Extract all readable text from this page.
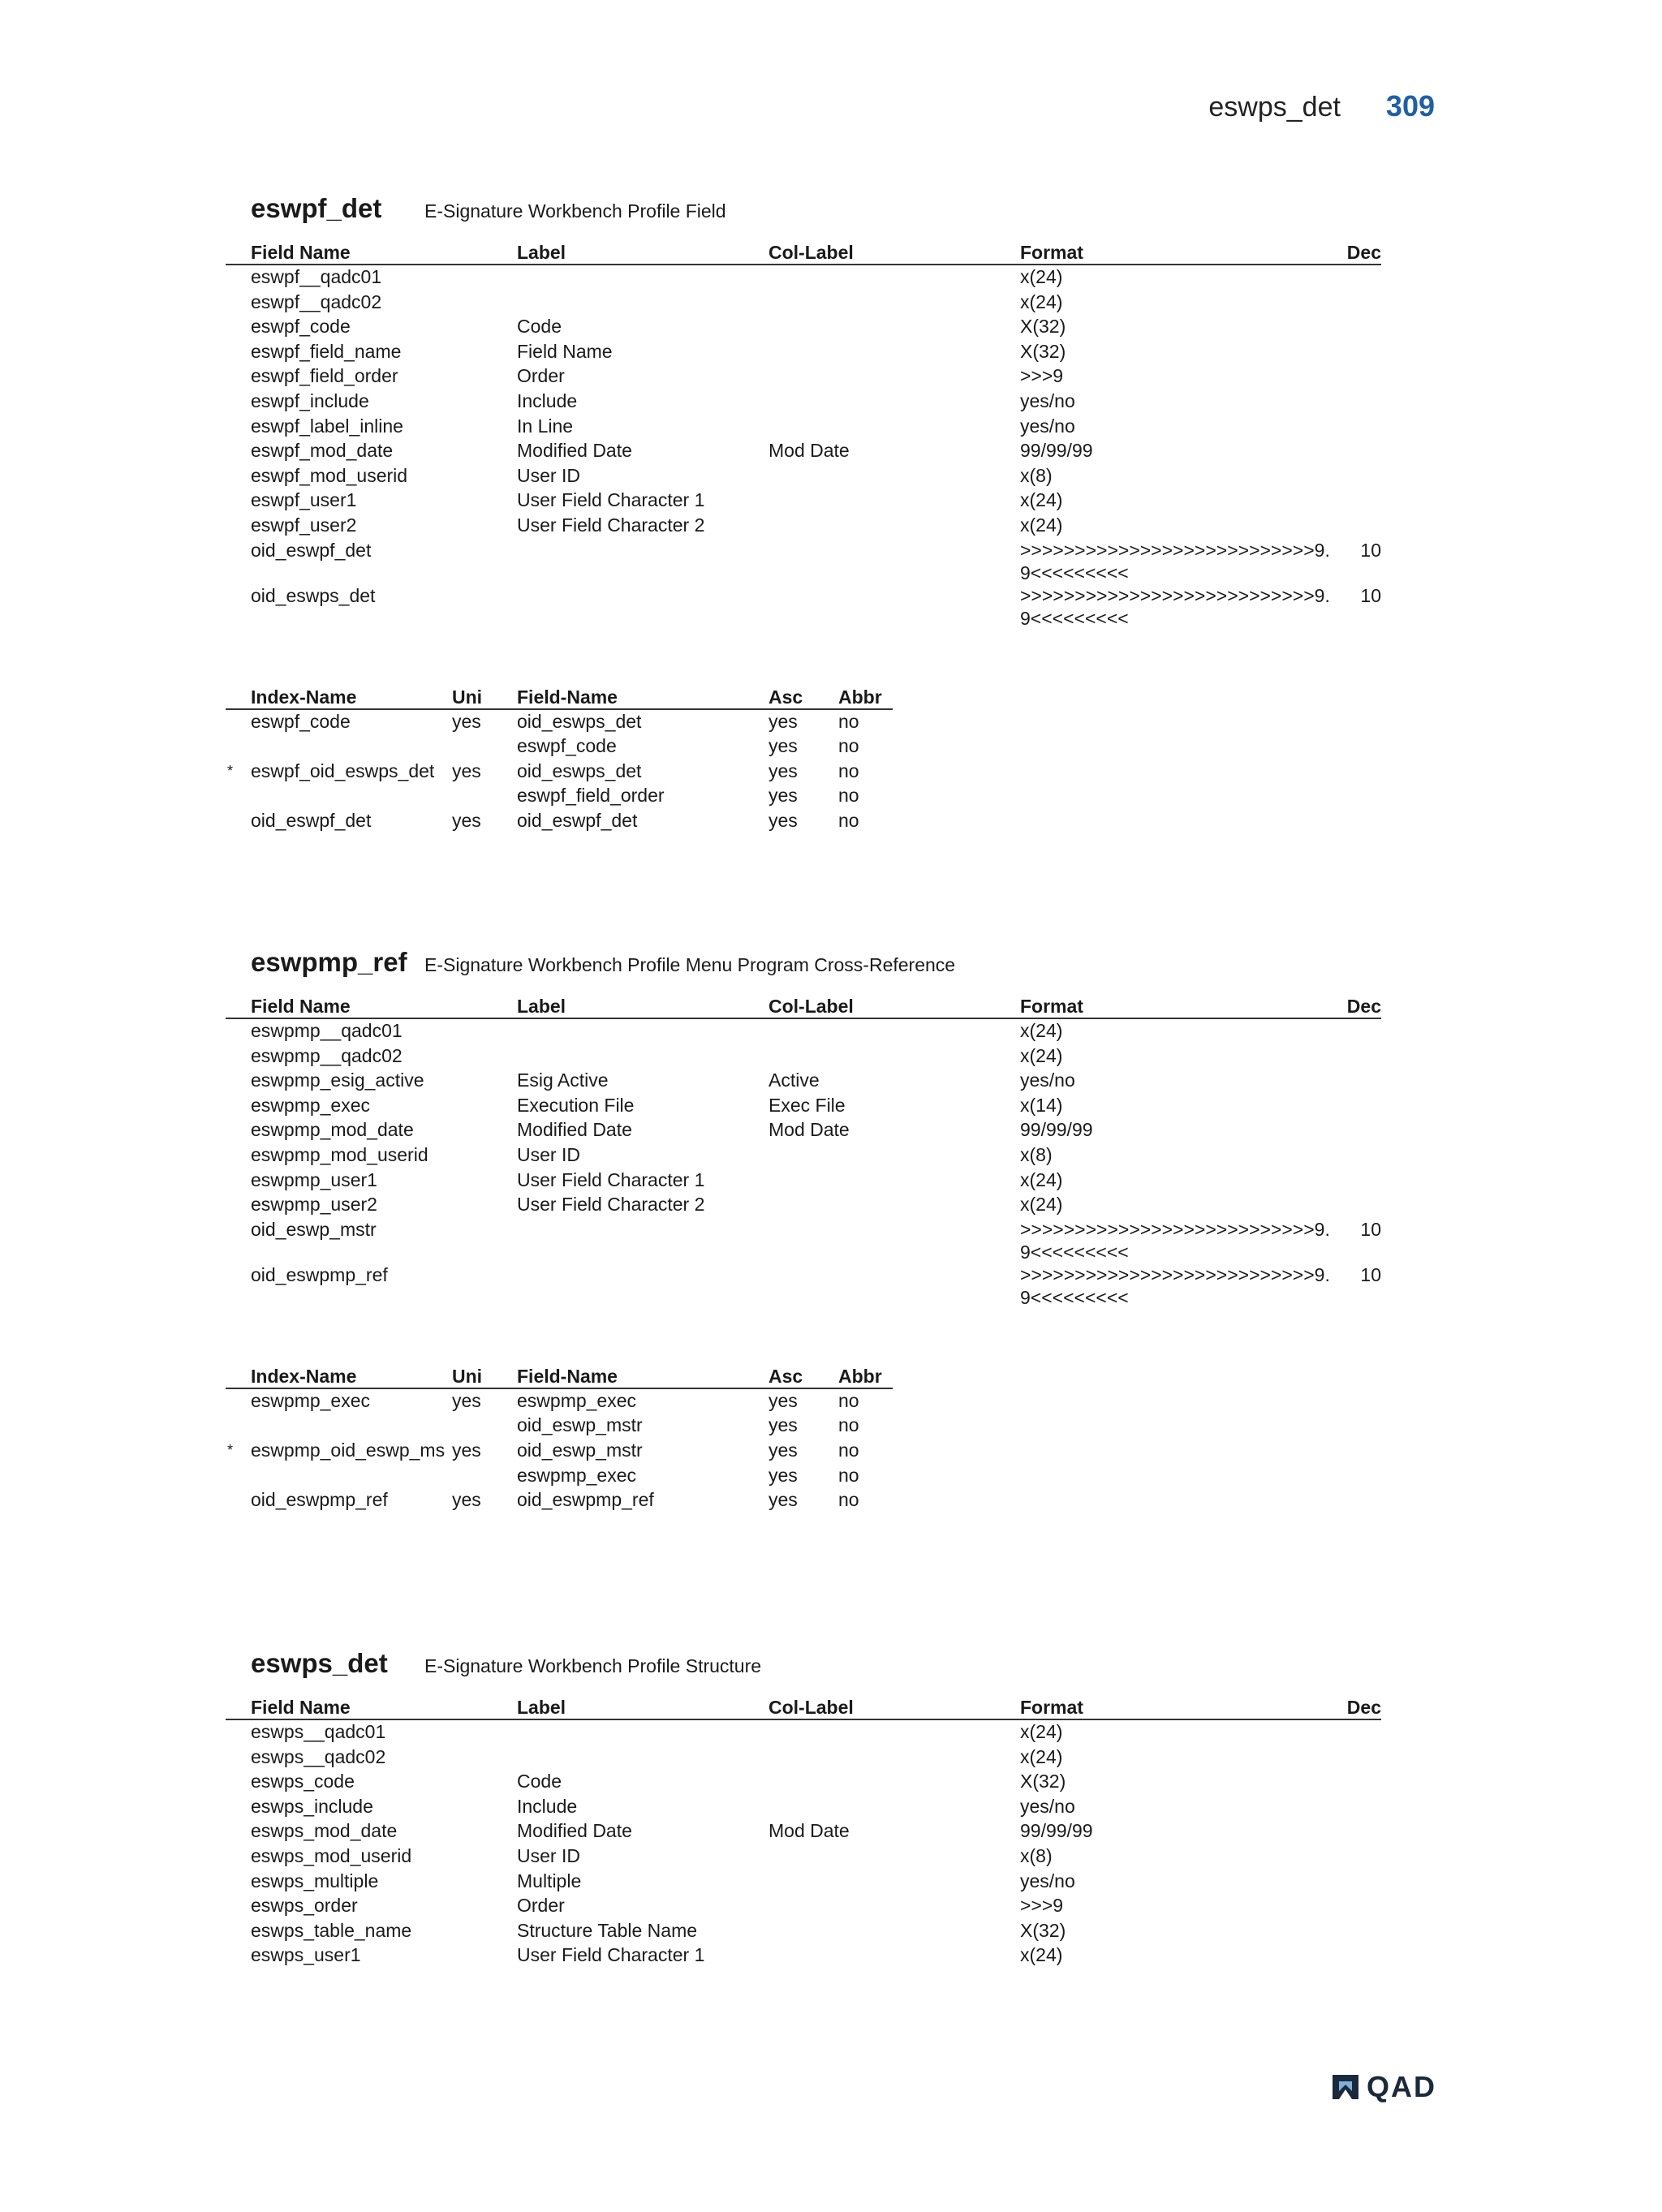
eswps_det 309
eswpf_det E-Signature Workbench Profile Field
	Field Name	Label	Col-Label	Format	Dec
	eswpf__qadc01			x(24)	
	eswpf__qadc02			x(24)	
	eswpf_code	Code		X(32)	
	eswpf_field_name	Field Name		X(32)	
	eswpf_field_order	Order		>>>9	
	eswpf_include	Include		yes/no	
	eswpf_label_inline	In Line		yes/no	
	eswpf_mod_date	Modified Date	Mod Date	99/99/99	
	eswpf_mod_userid	User ID		x(8)	
	eswpf_user1	User Field Character 1		x(24)	
	eswpf_user2	User Field Character 2		x(24)	
	oid_eswpf_det			>>>>>>>>>>>>>>>>>>>>>>>>>>>9.9<<<<<<<<<	10
	oid_eswps_det			>>>>>>>>>>>>>>>>>>>>>>>>>>>9.9<<<<<<<<<	10
	Index-Name	Uni	Field-Name	Asc	Abbr
	eswpf_code	yes	oid_eswps_det	yes	no
			eswpf_code	yes	no
*	eswpf_oid_eswps_det	yes	oid_eswps_det	yes	no
			eswpf_field_order	yes	no
	oid_eswpf_det	yes	oid_eswpf_det	yes	no
eswpmp_ref E-Signature Workbench Profile Menu Program Cross-Reference
	Field Name	Label	Col-Label	Format	Dec
	eswpmp__qadc01			x(24)	
	eswpmp__qadc02			x(24)	
	eswpmp_esig_active	Esig Active	Active	yes/no	
	eswpmp_exec	Execution File	Exec File	x(14)	
	eswpmp_mod_date	Modified Date	Mod Date	99/99/99	
	eswpmp_mod_userid	User ID		x(8)	
	eswpmp_user1	User Field Character 1		x(24)	
	eswpmp_user2	User Field Character 2		x(24)	
	oid_eswp_mstr			>>>>>>>>>>>>>>>>>>>>>>>>>>>9.9<<<<<<<<<	10
	oid_eswpmp_ref			>>>>>>>>>>>>>>>>>>>>>>>>>>>9.9<<<<<<<<<	10
	Index-Name	Uni	Field-Name	Asc	Abbr
	eswpmp_exec	yes	eswpmp_exec	yes	no
			oid_eswp_mstr	yes	no
*	eswpmp_oid_eswp_ms	yes	oid_eswp_mstr	yes	no
			eswpmp_exec	yes	no
	oid_eswpmp_ref	yes	oid_eswpmp_ref	yes	no
eswps_det E-Signature Workbench Profile Structure
	Field Name	Label	Col-Label	Format	Dec
	eswps__qadc01			x(24)	
	eswps__qadc02			x(24)	
	eswps_code	Code		X(32)	
	eswps_include	Include		yes/no	
	eswps_mod_date	Modified Date	Mod Date	99/99/99	
	eswps_mod_userid	User ID		x(8)	
	eswps_multiple	Multiple		yes/no	
	eswps_order	Order		>>>9	
	eswps_table_name	Structure Table Name		X(32)	
	eswps_user1	User Field Character 1		x(24)	
QAD
